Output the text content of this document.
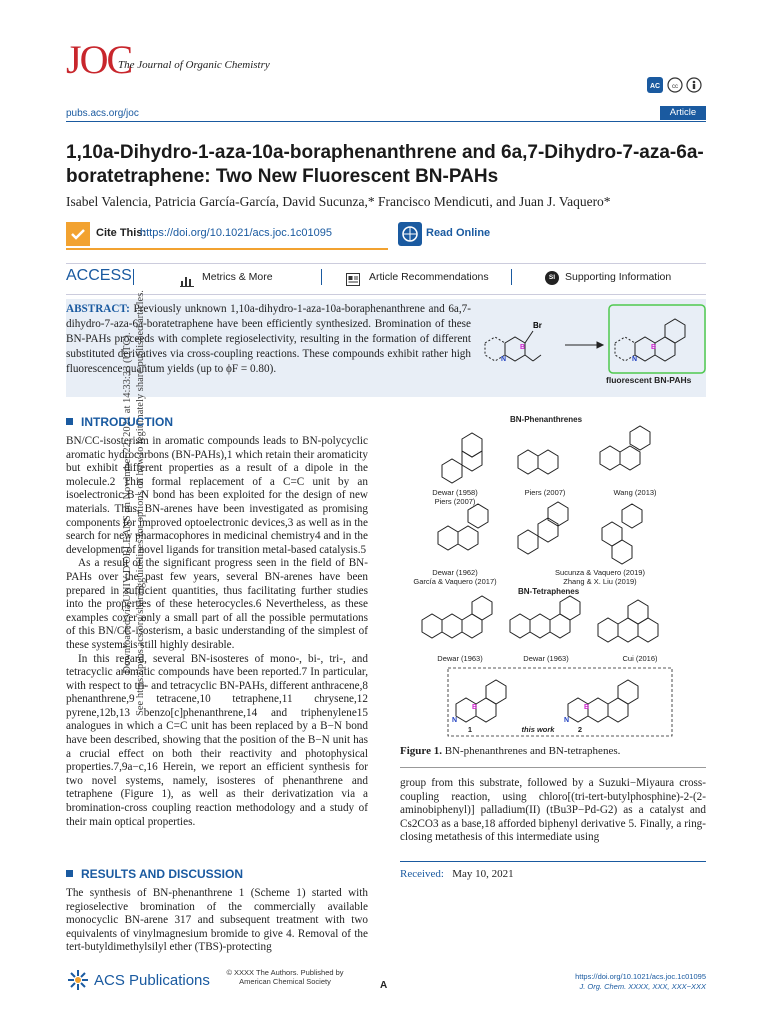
JOC
The Journal of Organic Chemistry
AC cc
pubs.acs.org/joc	Article
1,10a-Dihydro-1-aza-10a-boraphenanthrene and 6a,7-Dihydro-7-aza-6a-boratetraphene: Two New Fluorescent BN-PAHs
Isabel Valencia, Patricia García-García, David Sucunza,* Francisco Mendicuti, and Juan J. Vaquero*
Cite This:
https://doi.org/10.1021/acs.joc.1c01095	Read Online
ACCESS	Metrics & More	Article Recommendations	SI Supporting Information
ABSTRACT: Previously unknown 1,10a-dihydro-1-aza-10a-boraphenanthrene and 6a,7-dihydro-7-aza-6a-boratetraphene have been efficiently synthesized. Bromination of these BN-PAHs proceeds with complete regioselectivity, resulting in the formation of different substituted derivatives via cross-coupling reactions. These compounds exhibit rather high fluorescence quantum yields (up to ϕF = 0.80).
Br
B
N
B
N
fluorescent BN-PAHs
Downloaded via UNIV D'ORLEANS on November 22, 2021 at 14:33:33 (UTC). See https://pubs.acs.org/sharingguidelines for options on how to legitimately share published articles.
INTRODUCTION

BN/CC-isosterism in aromatic compounds leads to BN-polycyclic aromatic hydrocarbons (BN-PAHs),1 which retain their aromaticity but exhibit different properties as a result of a dipole in the molecule.2 This formal replacement of a C=C unit by an isoelectronic B−N bond has been exploited for the design of new materials. Thus, BN-arenes have been investigated as promising components for improved optoelectronic devices,3 as well as in the search for new pharmacophores in medicinal chemistry4 and in the development of novel ligands for transition metal-based catalysis.5

As a result of the significant progress seen in the field of BN-PAHs over the past few years, several BN-arenes have been prepared in sufficient quantities, thus facilitating further studies into the properties of these heterocycles.6 Nevertheless, as these examples cover only a small part of all the possible permutations of this BN/CC-isosterism, a basic understanding of the simplest of these systems is still highly desirable.

In this regard, several BN-isosteres of mono-, bi-, tri-, and tetracyclic aromatic compounds have been reported.7 In particular, with respect to tri- and tetracyclic BN-PAHs, different anthracene,8 phenanthrene,9 tetracene,10 tetraphene,11 chrysene,12 pyrene,12b,13 benzo[c]phenanthrene,14 and triphenylene15 analogues in which a C=C unit has been replaced by a B−N bond have been described, showing that the position of the B−N unit has a crucial effect on both their reactivity and photophysical properties.7,9a−c,16 Herein, we report an efficient synthesis for two novel systems, namely, isosteres of phenanthrene and tetraphene (Figure 1), as well as their derivatization via a bromination-cross coupling reaction methodology and a study of their main optical properties.

RESULTS AND DISCUSSION

The synthesis of BN-phenanthrene 1 (Scheme 1) started with regioselective bromination of the commercially available monocyclic BN-arene 317 and subsequent treatment with two equivalents of vinylmagnesium bromide to give 4. Removal of the tert-butyldimethylsilyl ether (TBS)-protecting

BN-Phenanthrenes
B
N
B
N
Dewar (1958)
Piers (2007)
Piers (2007)	Wang (2013)
Dewar (1962)
García & Vaquero (2017)
Sucunza & Vaquero (2019)
Zhang & X. Liu (2019)
BN-Tetraphenes
Dewar (1963)	Dewar (1963)	Cui (2016)
1	this work	2
Figure 1. BN-phenanthrenes and BN-tetraphenes.

group from this substrate, followed by a Suzuki−Miyaura cross-coupling reaction, using chloro[(tri-tert-butylphosphine)-2-(2-aminobiphenyl)] palladium(II) (tBu3P−Pd-G2) as a catalyst and Cs2CO3 as a base,18 afforded biphenyl derivative 5. Finally, a ring-closing metathesis of this intermediate using

Received: May 10, 2021
ACS Publications	© XXXX The Authors. Published by
American Chemical Society	A
https://doi.org/10.1021/acs.joc.1c01095
J. Org. Chem. XXXX, XXX, XXX−XXX
